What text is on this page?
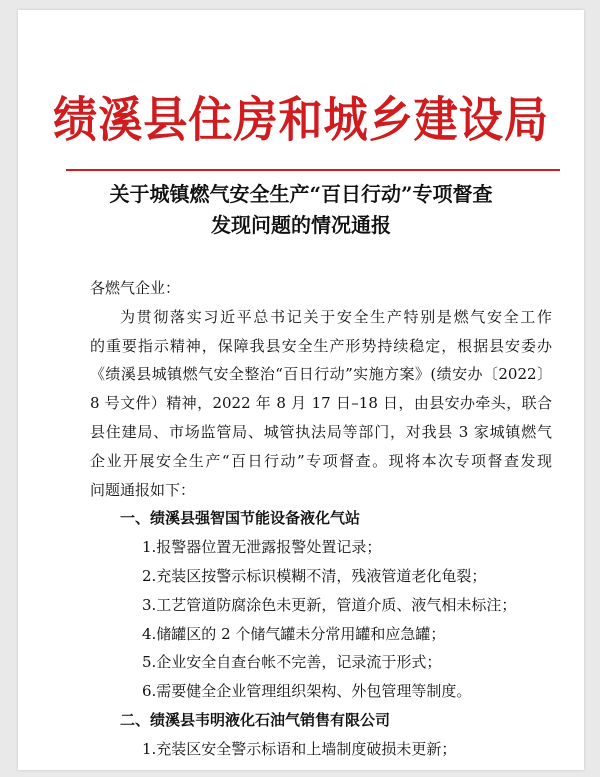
绩溪县住房和城乡建设局
关于城镇燃气安全生产“百日行动”专项督查
发现问题的情况通报
各燃气企业：
为贯彻落实习近平总书记关于安全生产特别是燃气安全工作
的重要指示精神，保障我县安全生产形势持续稳定，根据县安委办
《绩溪县城镇燃气安全整治“百日行动”实施方案》(绩安办〔2022〕
8 号文件）精神，2022 年 8 月 17 日–18 日，由县安办牵头，联合
县住建局、市场监管局、城管执法局等部门，对我县 3 家城镇燃气
企业开展安全生产“百日行动”专项督查。现将本次专项督查发现
问题通报如下：
一、绩溪县强智国节能设备液化气站
1.报警器位置无泄露报警处置记录；
2.充装区按警示标识模糊不清，残液管道老化龟裂；
3.工艺管道防腐涂色未更新，管道介质、液气相未标注；
4.储罐区的 2 个储气罐未分常用罐和应急罐；
5.企业安全自查台帐不完善，记录流于形式；
6.需要健全企业管理组织架构、外包管理等制度。
二、绩溪县韦明液化石油气销售有限公司
1.充装区安全警示标语和上墙制度破损未更新；
